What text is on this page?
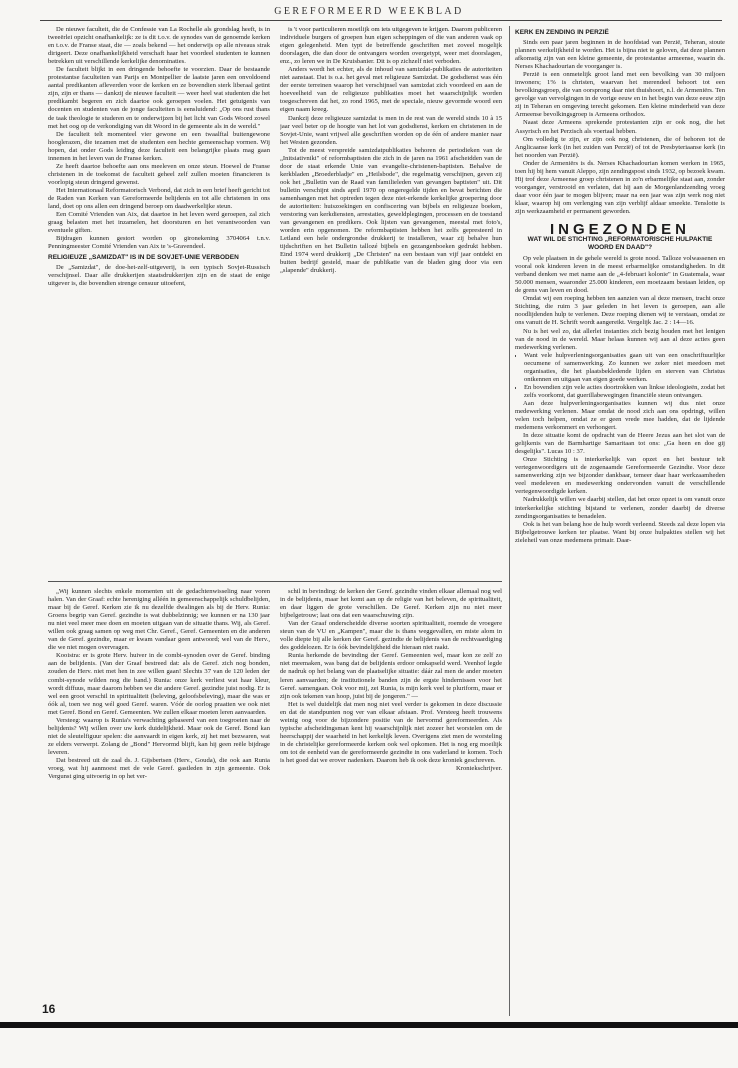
GEREFORMEERD WEEKBLAD

De nieuwe faculteit, die de Confessie van La Rochelle als grondslag heeft, is in tweeërlei opzicht onafhankelijk: ze is dit t.o.v. de synodes van de genoemde kerken en t.o.v. de Franse staat, die — zoals bekend — het onderwijs op alle niveaus strak dirigeert. Deze onafhankelijkheid verschaft haar het voordeel studenten te kunnen betrekken uit verschillende kerkelijke denominaties.

De faculteit blijkt in een dringende behoefte te voorzien. Daar de bestaande protestantse faculteiten van Parijs en Montpellier de laatste jaren een onvoldoend aantal predikanten afleverden voor de kerken en ze bovendien sterk liberaal getint zijn, zijn er thans — dankzij de nieuwe faculteit — weer heel wat studenten die het predikambt begeren en zich daartoe ook geroepen voelen. Het getuigenis van docenten en studenten van de jonge faculteiten is eensluidend: „Op ons rust thans de taak theologie te studeren en te onderwijzen bij het licht van Gods Woord zowel met het oog op de verkondiging van dit Woord in de gemeente als in de wereld."

De faculteit telt momenteel vier gewone en een twaalftal buitengewone hooglerazen, die tezamen met de studenten een hechte gemeenschap vormen. Wij hopen, dat onder Gods leiding deze faculteit een belangrijke plaats mag gaan innemen in het leven van de Franse kerken.

Ze heeft daartoe behoefte aan ons meeleven en onze steun. Hoewel de Franse christenen in de toekomst de faculteit geheel zelf zullen moeten financieren is voorlopig steun dringend gewenst.

Het Internationaal Reformatorisch Verbond, dat zich in een brief heeft gericht tot de Raden van Kerken van Gereformeerde belijdenis en tot alle christenen in ons land, doet op ons allen een dringend beroep om daadwerkelijke steun.

Een Comité Vrienden van Aix, dat daartoe in het leven werd geroepen, zal zich graag belasten met het inzamelen, het doorsturen en het verantwoorden van eventuele giften.

Bijdragen kunnen gestort worden op gironekening 3704064 t.n.v. Penningmeester Comité Vrienden van Aix te 's-Gravendeel.

RELIGIEUZE „SAMIZDAT" IS IN DE SOVJET-UNIE VERBODEN

De „Samizdat", de doe-het-zelf-uitgeverij, is een typisch Sovjet-Russisch verschijnsel. Daar alle drukkerijen staatsdrukkerijen zijn en de staat de enige uitgever is, die bovendien strenge censuur uitoefent,

is 't voor particulieren moeilijk om iets uitgegeven te krijgen. Daarom publiceren individuele burgers of groepen hun eigen scheppingen of die van anderen vaak op eigen gelegenheid. Men typt de betreffende geschriften met zoveel mogelijk doorslagen, die dan door de ontvangers worden overgetypt, weer met doorslagen, enz., zo leren we in De Kruisbanier. Dit is op zichzelf niet verboden.

Anders wordt het echter, als de inhoud van samizdat-publikaties de autoriteiten niet aanstaat. Dat is o.a. het geval met religieuze Samizdat. De godsdienst was één der eerste terreinen waarop het verschijnsel van samizdat zich voordeed en aan de hoeveelheid van de religieuze publikaties moet het waarschijnlijk worden toegeschreven dat het, zo rond 1965, met de speciale, nieuw gevormde woord een eigen naam kreeg.

Dankzij deze religieuze samizdat is men in de rest van de wereld sinds 10 à 15 jaar veel beter op de hoogte van het lot van godsdienst, kerken en christenen in de Sovjet-Unie, want vrijwel alle geschriften worden op de één of andere manier naar het Westen gezonden.

Tot de meest verspreide samizdatpublikaties behoren de periodieken van de „Initsiativniki" of reformbaptisten die zich in de jaren na 1961 afscheidden van de door de staat erkende Unie van evangelie-christenen-baptisten. Behalve de kerkbladen „Broederbladje" en „Heilsbode", die regelmatig verschijnen, geven zij ook het „Bulletin van de Raad van familieleden van gevangen baptisten" uit. Dit bulletin verschijnt sinds april 1970 op ongeregelde tijden en bevat berichten die samenhangen met het optreden tegen deze niet-erkende kerkelijke groepering door de autoriteiten: huiszoekingen en confiscering van bijbels en religieuze boeken, verstoring van kerkdiensten, arrestaties, geweldplegingen, processen en de toestand van gevangenen en predikers. Ook lijsten van gevangenen, meestal met foto's, worden erin opgenomen. De reformbaptisten hebben het zelfs gepresteerd in Letland een hele ondergrondse drukkerij te installeren, waar zij behalve hun tijdschriften en het Bulletin tallozé bijbels en gezangenboeken gedrukt hebben. Eind 1974 werd drukkerij „De Christen" na een bestaan van vijf jaar ontdekt en buiten bedrijf gesteld, maar de publikatie van de bladen ging door via een „slapende" drukkerij.

KERK EN ZENDING IN PERZIË

Sinds een paar jaren beginnen in de hoofdstad van Perzië, Teheran, stoute plannen werkelijkheid te worden. Het is bijna niet te geloven, dat deze plannen afkomstig zijn van een kleine gemeente, de protestantse armeense, waarin ds. Nerses Khachadourian de voorganger is.

Perzië is een onmetelijk groot land met een bevolking van 30 miljoen inwoners; 1% is christen, waarvan het merendeel behoort tot een bevolkingsgroep, die van oorsprong daar niet thuishoort, n.l. de Armeniërs. Ten gevolge van vervolgingen in de vorige eeuw en in het begin van deze eeuw zijn zij in Teheran en omgeving terecht gekomen. Een kleine minderheid van deze Armeense bevolkingsgroep is Armeens orthodox.

Naast deze Armeens sprekende protestanten zijn er ook nog, die het Assyrisch en het Perzisch als voertaal hebben.

Om volledig te zijn, er zijn ook nog christenen, die of behoren tot de Anglicaanse kerk (in het zuiden van Perzië) of tot de Presbyteriaanse kerk (in het noorden van Perzië).

Onder de Armeniërs is ds. Nerses Khachadourian komen werken in 1965, toen hij bij hem vanuit Aleppo, zijn zendingspost sinds 1932, op bezoek kwam. Hij trof deze Armeense groep christenen in zo'n erbarmelijke staat aan, zonder voorganger, verstrooid en verlaten, dat hij aan de Morgenlandzending vroeg daar voor één jaar te mogen blijven; maar na een jaar was zijn werk nog niet klaar, waarop hij om verlenging van zijn verblijf aldaar smeekte. Tenslotte is zijn werkzaamheid er permanent geworden.

INGEZONDEN
WAT WIL DE STICHTING „REFORMATORISCHE HULPAKTIE WOORD EN DAAD"?

Op vele plaatsen in de gehele wereld is grote nood. Talloze volwassenen en vooral ook kinderen leven in de meest erbarmelijke omstandigheden. In dit verband denken we met name aan de „4-februari kolonie" in Guatemala, waar 50.000 mensen, waaronder 25.000 kinderen, een moeizaam bestaan leiden, op de grens van leven en dood.

Omdat wij een roeping hebben ten aanzien van al deze mensen, tracht onze Stichting, die ruim 3 jaar geleden in het leven is geroepen, aan alle noodlijdenden hulp te verlenen. Deze roeping dienen wij te verstaan, omdat ze ons vanuit de H. Schrift wordt aangereikt. Vergelijk Jac. 2 : 14—16.

Nu is het wel zo, dat allerlei instanties zich bezig houden met het lenigen van de nood in de wereld. Maar helaas kunnen wij aan al deze acties geen medewerking verlenen.

• Want vele hulpverleningsorganisaties gaan uit van een onschriftuurlijke oecumene of samenwerking. Zo kunnen we zeker niet meedoen met organisaties, die het plaatsbekledende lijden en sterven van Christus ontkennen en uitgaan van eigen goede werken.
• En bovendien zijn vele acties doortrokken van linkse ideologieën, zodat het zelfs voorkomt, dat guerillabewegingen financiële steun ontvangen.

Aan deze hulpverleningsorganisaties kunnen wij dus niet onze medewerking verlenen. Maar omdat de nood zich aan ons opdringt, willen velen toch helpen, omdat ze er geen vrede mee hadden, dat de lijdende medemens verkommert en verhongert.

In deze situatie komt de opdracht van de Heere Jezus aan het slot van de gelijkenis van de Barmhartige Samaritaan tot ons: „Ga heen en doe gij desgelijks". Lucas 10 : 37.

Onze Stichting is interkerkelijk van opzet en het bestuur telt vertegenwoordigers uit de zogenaamde Gereformeerde Gezindte. Voor deze samenwerking zijn we bijzonder dankbaar, temeer daar haar werkzaamheden veel medeleven en medewerking ondervonden vanuit de verschillende vertegenwoordigde kerken.

Nadrukkelijk willen we daarbij stellen, dat het onze opzet is om vanuit onze interkerkelijke stichting bijstand te verlenen, zonder daarbij de diverse zendingsorganisaties te benadelen.

Ook is het van belang hoe de hulp wordt verleend. Steeds zal deze lopen via Bijbelgetrouwe kerken ter plaatse. Want bij onze hulpakties stellen wij het zieleheil van onze medemens primair. Daar-

„Wij kunnen slechts enkele momenten uit de gedachtenwisseling naar voren halen. Van der Graaf: echte hereniging alléén in gemeenschappelijk schuldbelijden, maar bij de Geref. Kerken zie ik nu dezelfde dwalingen als bij de Herv. Runia: Groens begrip van Geref. gezindte is wat dubbelzinnig; we kunnen er na 130 jaar nu niet veel meer mee doen en moeten uitgaan van de situatie thans. Wij, als Geref. willen ook graag samen op weg met Chr. Geref., Geref. Gemeenten en die anderen van de Geref. gezindte, maar er kwam vandaar geen antwoord; wel van de Herv., die we niet mogen overvragen.

Kooistra: er is grote Herv. huiver in de combi-synoden over de Geref. binding aan de belijdenis. (Van der Graaf bestreed dat: als de Geref. zich nog bonden, zouden de Herv. niet met hen in zee willen gaan! Slechts 37 van de 120 leden der combi-synode wilden nog die band.) Runia: onze kerk verliest wat haar kleur, wordt diffuus, maar daarom hebben we die andere Geref. gezindte juist nodig. Er is wel een groot verschil in spiritualiteit (beleving, geloofsbeleving), maar die was er óók al, toen we nog wél goed Geref. waren. Vóór de oorlog praatten we ook niet met Geref. Bond en Geref. Gemeenten. We zullen elkaar moeten leren aanvaarden.

Versteeg: waarop is Runia's verwachting gebaseerd van een toegroeien naar de belijdenis? Wij willen over uw kerk duidelijkheid. Maar ook de Geref. Bond kan niet de sleutelfiguur spelen: die aanvaardt in eigen kerk, zij het met bezwaren, wat ze elders verwerpt. Zolang de „Bond" Hervormd blijft, kan hij geen reële bijdrage leveren.

Dat bestreed uit de zaal ds. J. Gijsbertsen (Herv., Gouda), die ook aan Runia vroeg, wat hij aanmoest met de vele Geref. gastleden in zijn gemeente. Ook Vergunst ging uitvoerig in op het ver-

schil in bevinding: de kerken der Geref. gezindte vinden elkaar allemaal nog wel in de belijdenis, maar het komt aan op de religie van het beleven, de spiritualiteit, en daar liggen de grote verschillen. De Geref. Kerken zijn nu niet meer bijbelgetrouw; laat ons dat een waarschuwing zijn.

Van der Graaf onderscheidde diverse soorten spiritualiteit, roemde de vroegere steun van de VU en „Kampen", maar die is thans weggevallen, en miste alom in volle diepte bij alle kerken der Geref. gezindte de belijdenis van de rechtvaardiging des goddelozen. Er is óók bevindelijkheid die hieraan niet raakt.

Runia herkende de bevinding der Geref. Gemeenten wel, maar kon ze zelf zo niet meemaken, was bang dat de belijdenis erdoor omkapseld werd. Veenhof legde de nadruk op het belang van de plaatselijke situatie: dáár zal men de ander moeten leren aanvaarden; de institutionele banden zijn de ergste hindernissen voor het Geref. samengaan. Ook voor mij, zei Runia, is mijn kerk veel te pluriform, maar er zijn ook tekenen van hoop, juist bij de jongeren." —

Het is wel duidelijk dat men nog niet veel verder is gekomen in deze discussie en dat de standpunten nog ver van elkaar afstaan. Prof. Versteeg heeft trouwens weinig oog voor de bijzondere positie van de hervormd gereformeerden. Als typische afscheidingsman kent hij waarschijnlijk niet zozeer het worstelen om de heerschappij der waarheid in het kerkelijk leven. Overigens ziet men de worsteling in de christelijke gereformeerde kerken ook wel opkomen. Het is nog erg moeilijk om tot de eenheid van de gereformeerde gezindte in ons vaderland te komen. Toch is het goed dat we erover nadenken. Daarom heb ik ook deze kroniek geschreven.

Kroniekschrijver.

16
